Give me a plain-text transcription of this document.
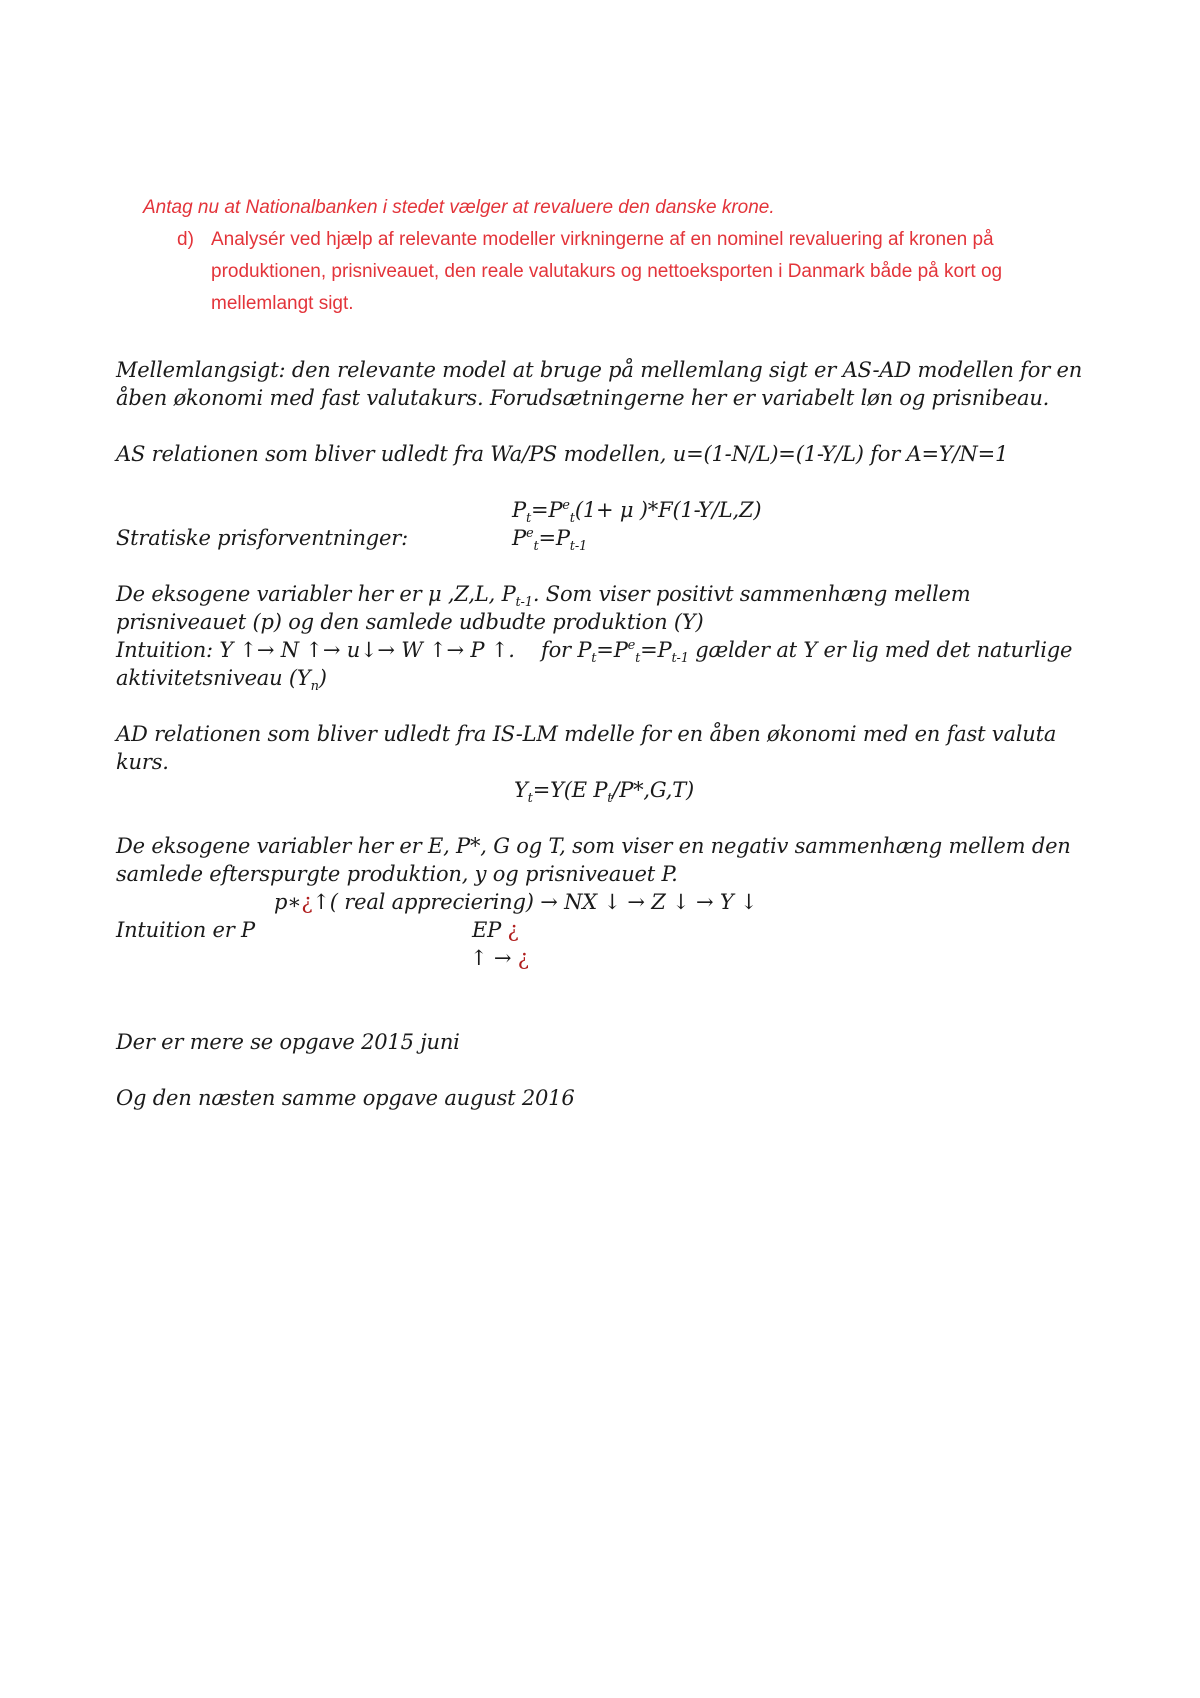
Antag nu at Nationalbanken i stedet vælger at revaluere den danske krone.
d) Analysér ved hjælp af relevante modeller virkningerne af en nominel revaluering af kronen på produktionen, prisniveauet, den reale valutakurs og nettoeksporten i Danmark både på kort og mellemlangt sigt.

Mellemlangsigt: den relevante model at bruge på mellemlang sigt er AS-AD modellen for en åben økonomi med fast valutakurs. Forudsætningerne her er variabelt løn og prisnibeau.

AS relationen som bliver udledt fra Wa/PS modellen, u=(1-N/L)=(1-Y/L) for A=Y/N=1

$P_t=P^e_t(1+ \mu$ )*F(1-Y/L,Z)
Stratiske prisforventninger:	$P^e_t=P_{t-1}$

De eksogene variabler her er μ ,Z,L, $P_{t-1}$. Som viser positivt sammenhæng mellem prisniveauet (p) og den samlede udbudte produktion (Y)

Intuition: Y ↑→ N ↑→ u↓→ W ↑→ P ↑. for $P_t=P^e_t=P_{t-1}$ gælder at Y er lig med det naturlige

aktivitetsniveau $(Y_n)$

AD relationen som bliver udledt fra IS-LM mdelle for en åben økonomi med en fast valuta kurs.

$Y_t=Y(E$ $P_t/P*,G,T$)

De eksogene variabler her er E, P*, G og T, som viser en negativ sammenhæng mellem den samlede efterspurgte produktion, y og prisniveauet P.

p∗¿↑( real appreciering) → NX ↓ → Z ↓ → Y ↓
Intuition er P	EP ¿
↑ → ¿

Der er mere se opgave 2015 juni

Og den næsten samme opgave august 2016
